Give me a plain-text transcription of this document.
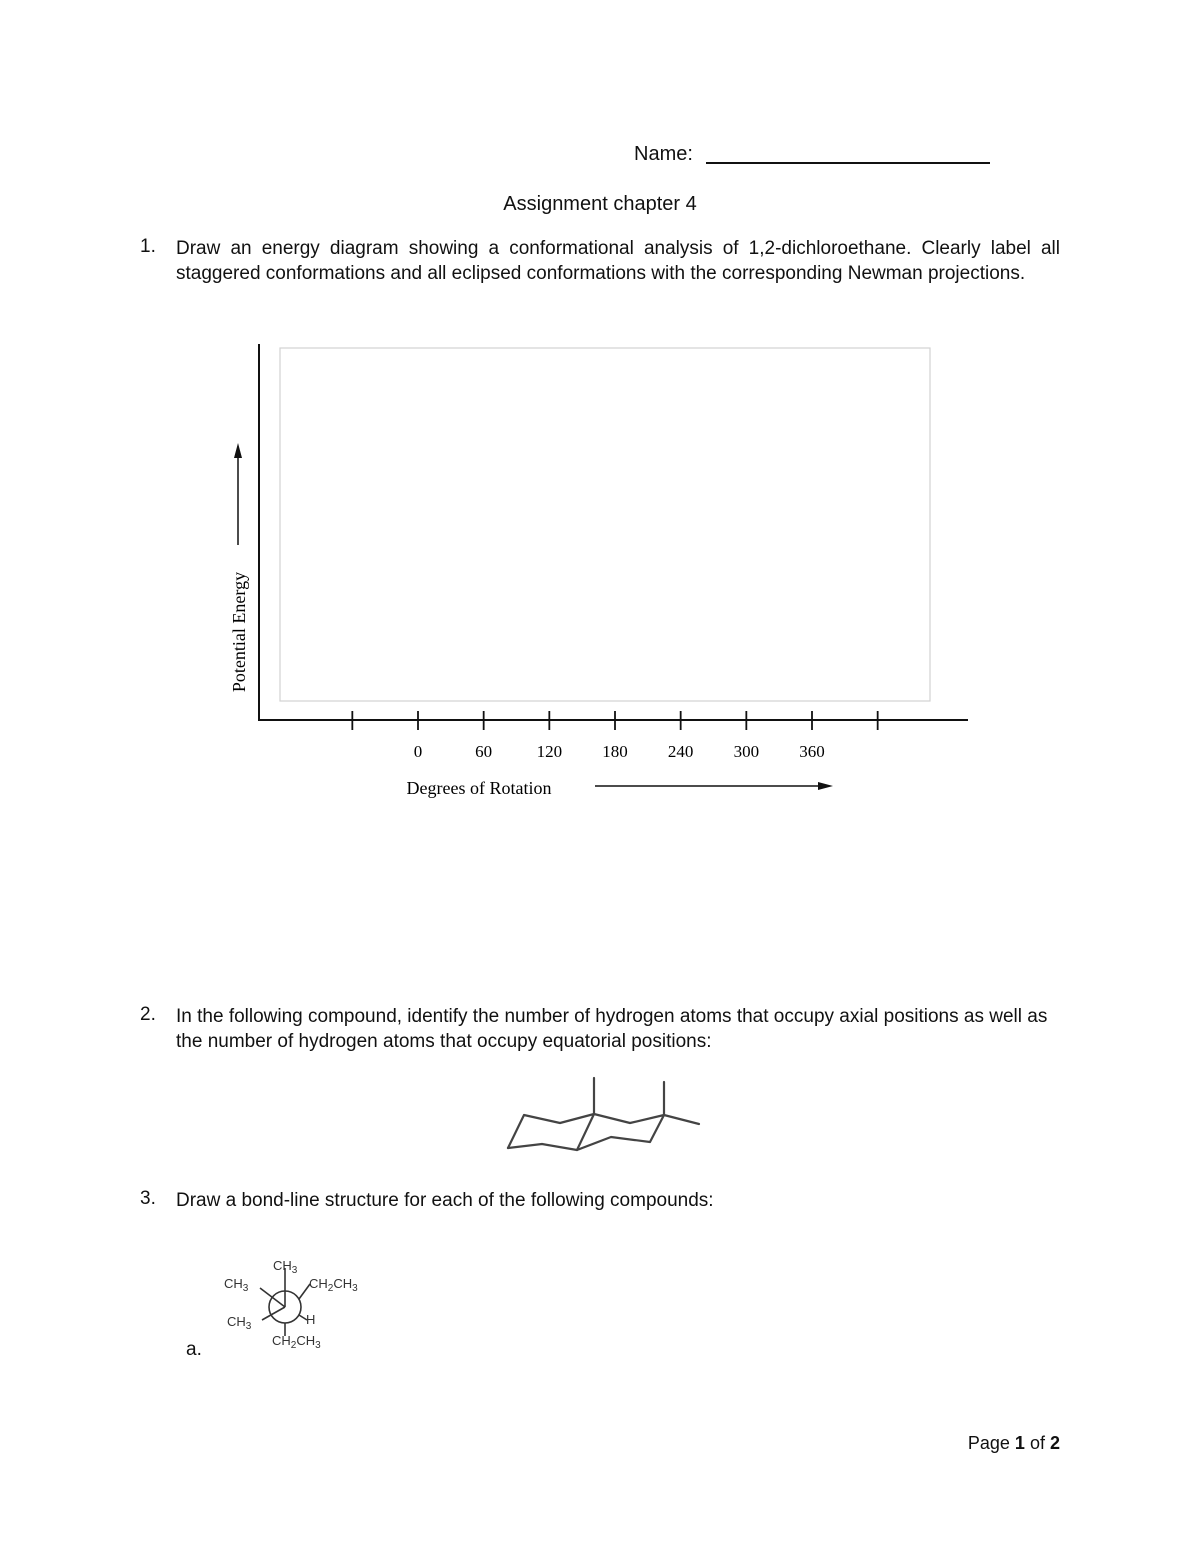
Name:
Assignment chapter 4
1. Draw an energy diagram showing a conformational analysis of 1,2-dichloroethane. Clearly label all staggered conformations and all eclipsed conformations with the corresponding Newman projections.
0	60	120 180 240 300 360
Potential Energy
Degrees of Rotation
2. In the following compound, identify the number of hydrogen atoms that occupy axial positions as well as the number of hydrogen atoms that occupy equatorial positions:
3. Draw a bond-line structure for each of the following compounds:
$CH_3$
$CH_3$
$CH_3$
$CH_2CH_3$
H
$CH_2CH_3$
a.
Page 1 of 2
